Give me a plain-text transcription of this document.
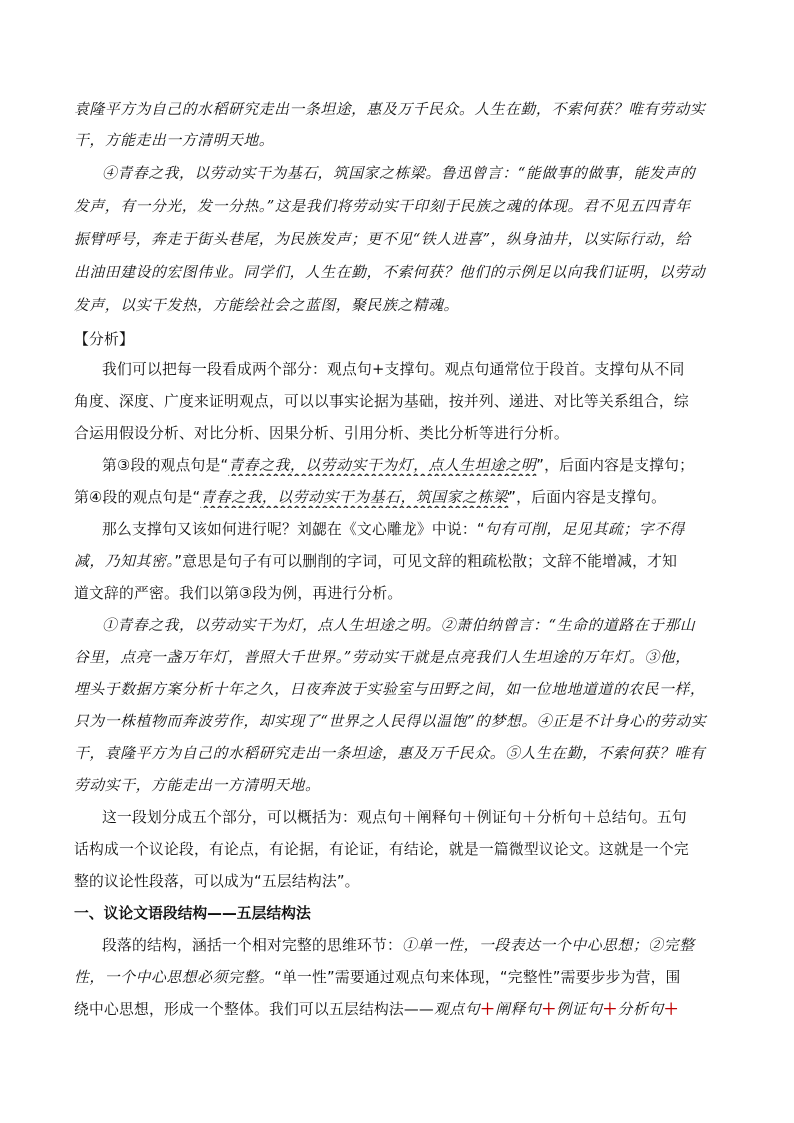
袁隆平方为自己的水稻研究走出一条坦途，惠及万千民众。人生在勤，不索何获？唯有劳动实
干，方能走出一方清明天地。
④青春之我，以劳动实干为基石，筑国家之栋梁。鲁迅曾言：“能做事的做事，能发声的
发声，有一分光，发一分热。”这是我们将劳动实干印刻于民族之魂的体现。君不见五四青年
振臂呼号，奔走于街头巷尾，为民族发声；更不见“铁人进喜”，纵身油井，以实际行动，给
出油田建设的宏图伟业。同学们，人生在勤，不索何获？他们的示例足以向我们证明，以劳动
发声，以实干发热，方能绘社会之蓝图，聚民族之精魂。
【分析】
我们可以把每一段看成两个部分：观点句+支撑句。观点句通常位于段首。支撑句从不同
角度、深度、广度来证明观点，可以以事实论据为基础，按并列、递进、对比等关系组合，综
合运用假设分析、对比分析、因果分析、引用分析、类比分析等进行分析。
第③段的观点句是“青春之我，以劳动实干为灯，点人生坦途之明”，后面内容是支撑句；
第④段的观点句是“青春之我，以劳动实干为基石，筑国家之栋梁”，后面内容是支撑句。
那么支撑句又该如何进行呢？刘勰在《文心雕龙》中说：“句有可削，足见其疏；字不得
减，乃知其密。”意思是句子有可以删削的字词，可见文辞的粗疏松散；文辞不能增减，才知
道文辞的严密。我们以第③段为例，再进行分析。
①青春之我，以劳动实干为灯，点人生坦途之明。②萧伯纳曾言：“生命的道路在于那山
谷里，点亮一盏万年灯，普照大千世界。”劳动实干就是点亮我们人生坦途的万年灯。③他，
埋头于数据方案分析十年之久，日夜奔波于实验室与田野之间，如一位地地道道的农民一样，
只为一株植物而奔波劳作，却实现了“世界之人民得以温饱”的梦想。④正是不计身心的劳动实
干，袁隆平方为自己的水稻研究走出一条坦途，惠及万千民众。⑤人生在勤，不索何获？唯有
劳动实干，方能走出一方清明天地。
这一段划分成五个部分，可以概括为：观点句＋阐释句＋例证句＋分析句＋总结句。五句
话构成一个议论段，有论点，有论据，有论证，有结论，就是一篇微型议论文。这就是一个完
整的议论性段落，可以成为“五层结构法”。
一、议论文语段结构——五层结构法
段落的结构，涵括一个相对完整的思维环节：①单一性，一段表达一个中心思想；②完整
性，一个中心思想必须完整。“单一性”需要通过观点句来体现，“完整性”需要步步为营，围
绕中心思想，形成一个整体。我们可以五层结构法——观点句＋阐释句＋例证句＋分析句＋
